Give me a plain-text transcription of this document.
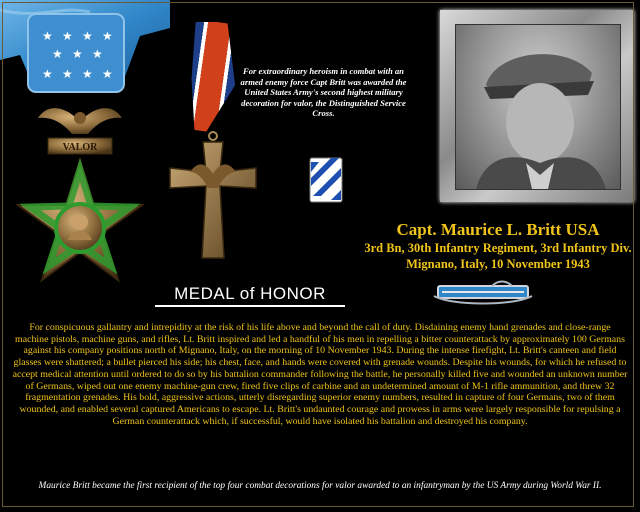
★ ★ ★ ★
★ ★ ★
★ ★ ★ ★
VALOR
For extraordinary heroism in combat with an armed enemy force Capt Britt was awarded the United States Army's second highest military decoration for valor, the Distinguished Service Cross.
Capt. Maurice L. Britt USA
3rd Bn, 30th Infantry Regiment, 3rd Infantry Div.
Mignano, Italy, 10 November 1943
MEDAL of HONOR
For conspicuous gallantry and intrepidity at the risk of his life above and beyond the call of duty. Disdaining enemy hand grenades and close-range machine pistols, machine guns, and rifles, Lt. Britt inspired and led a handful of his men in repelling a bitter counterattack by approximately 100 Germans against his company positions north of Mignano, Italy, on the morning of 10 November 1943. During the intense firefight, Lt. Britt's canteen and field glasses were shattered; a bullet pierced his side; his chest, face, and hands were covered with grenade wounds. Despite his wounds, for which he refused to accept medical attention until ordered to do so by his battalion commander following the battle, he personally killed five and wounded an unknown number of Germans, wiped out one enemy machine-gun crew, fired five clips of carbine and an undetermined amount of M-1 rifle ammunition, and threw 32 fragmentation grenades. His bold, aggressive actions, utterly disregarding superior enemy numbers, resulted in capture of four Germans, two of them wounded, and enabled several captured Americans to escape. Lt. Britt's undaunted courage and prowess in arms were largely responsible for repulsing a German counterattack which, if successful, would have isolated his battalion and destroyed his company.
Maurice Britt became the first recipient of the top four combat decorations for valor awarded to an infantryman by the US Army during World War II.
